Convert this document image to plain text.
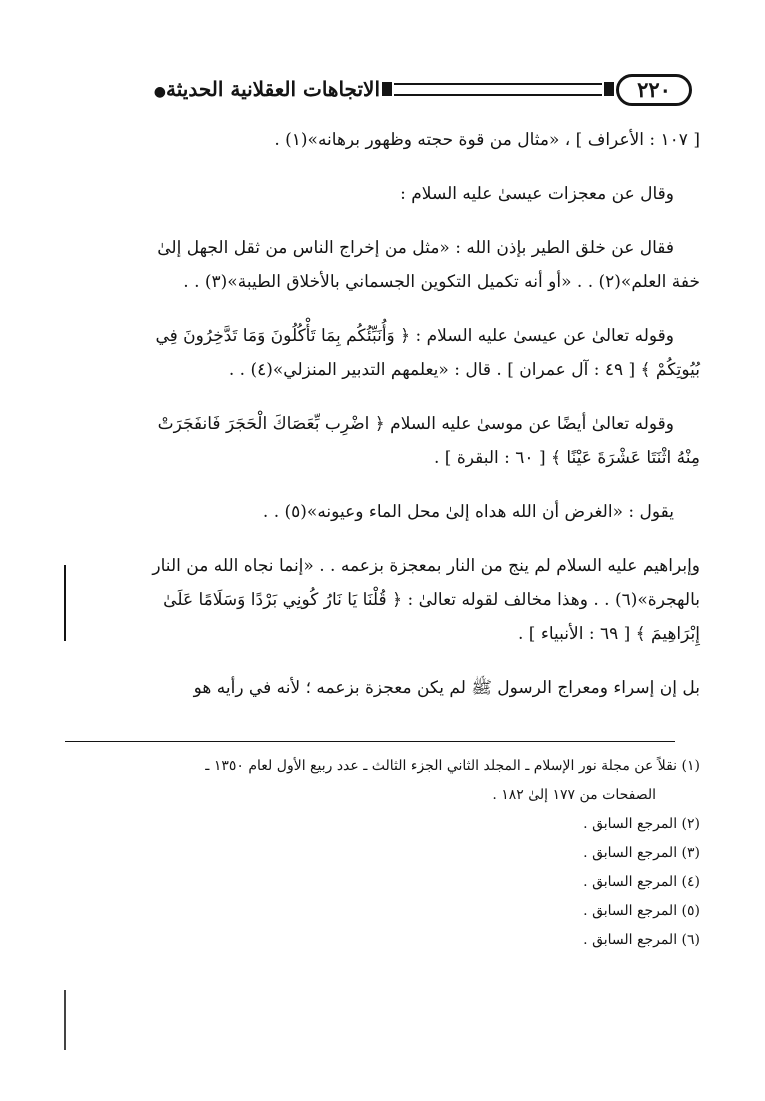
٢٢٠
الاتجاهات العقلانية الحديثة●
[ ١٠٧ : الأعراف ] ، «مثال من قوة حجته وظهور برهانه»(١) .
وقال عن معجزات عيسىٰ عليه السلام :
فقال عن خلق الطير بإذن الله : «مثل من إخراج الناس من ثقل الجهل إلىٰ
خفة العلم»(٢) . . «أو أنه تكميل التكوين الجسماني بالأخلاق الطيبة»(٣) . .
وقوله تعالىٰ عن عيسىٰ عليه السلام : ﴿ وَأُنَبِّئُكُم بِمَا تَأْكُلُونَ وَمَا تَدَّخِرُونَ فِي
بُيُوتِكُمْ ﴾ [ ٤٩ : آل عمران ] . قال : «يعلمهم التدبير المنزلي»(٤) . .
وقوله تعالىٰ أيضًا عن موسىٰ عليه السلام ﴿ اضْرِب بِّعَصَاكَ الْحَجَرَ فَانفَجَرَتْ
مِنْهُ اثْنَتَا عَشْرَةَ عَيْنًا ﴾ [ ٦٠ : البقرة ] .
يقول : «الغرض أن الله هداه إلىٰ محل الماء وعيونه»(٥) . .
وإبراهيم عليه السلام لم ينج من النار بمعجزة بزعمه . . «إنما نجاه الله من النار
بالهجرة»(٦) . . وهذا مخالف لقوله تعالىٰ : ﴿ قُلْنَا يَا نَارُ كُونِي بَرْدًا وَسَلَامًا عَلَىٰ
إِبْرَاهِيمَ ﴾ [ ٦٩ : الأنبياء ] .
بل إن إسراء ومعراج الرسول ﷺ لم يكن معجزة بزعمه ؛ لأنه في رأيه هو
(١) نقلاً عن مجلة نور الإسلام ـ المجلد الثاني الجزء الثالث ـ عدد ربيع الأول لعام ١٣٥٠ ـ
الصفحات من ١٧٧ إلىٰ ١٨٢ .
(٢) المرجع السابق .
(٣) المرجع السابق .
(٤) المرجع السابق .
(٥) المرجع السابق .
(٦) المرجع السابق .
